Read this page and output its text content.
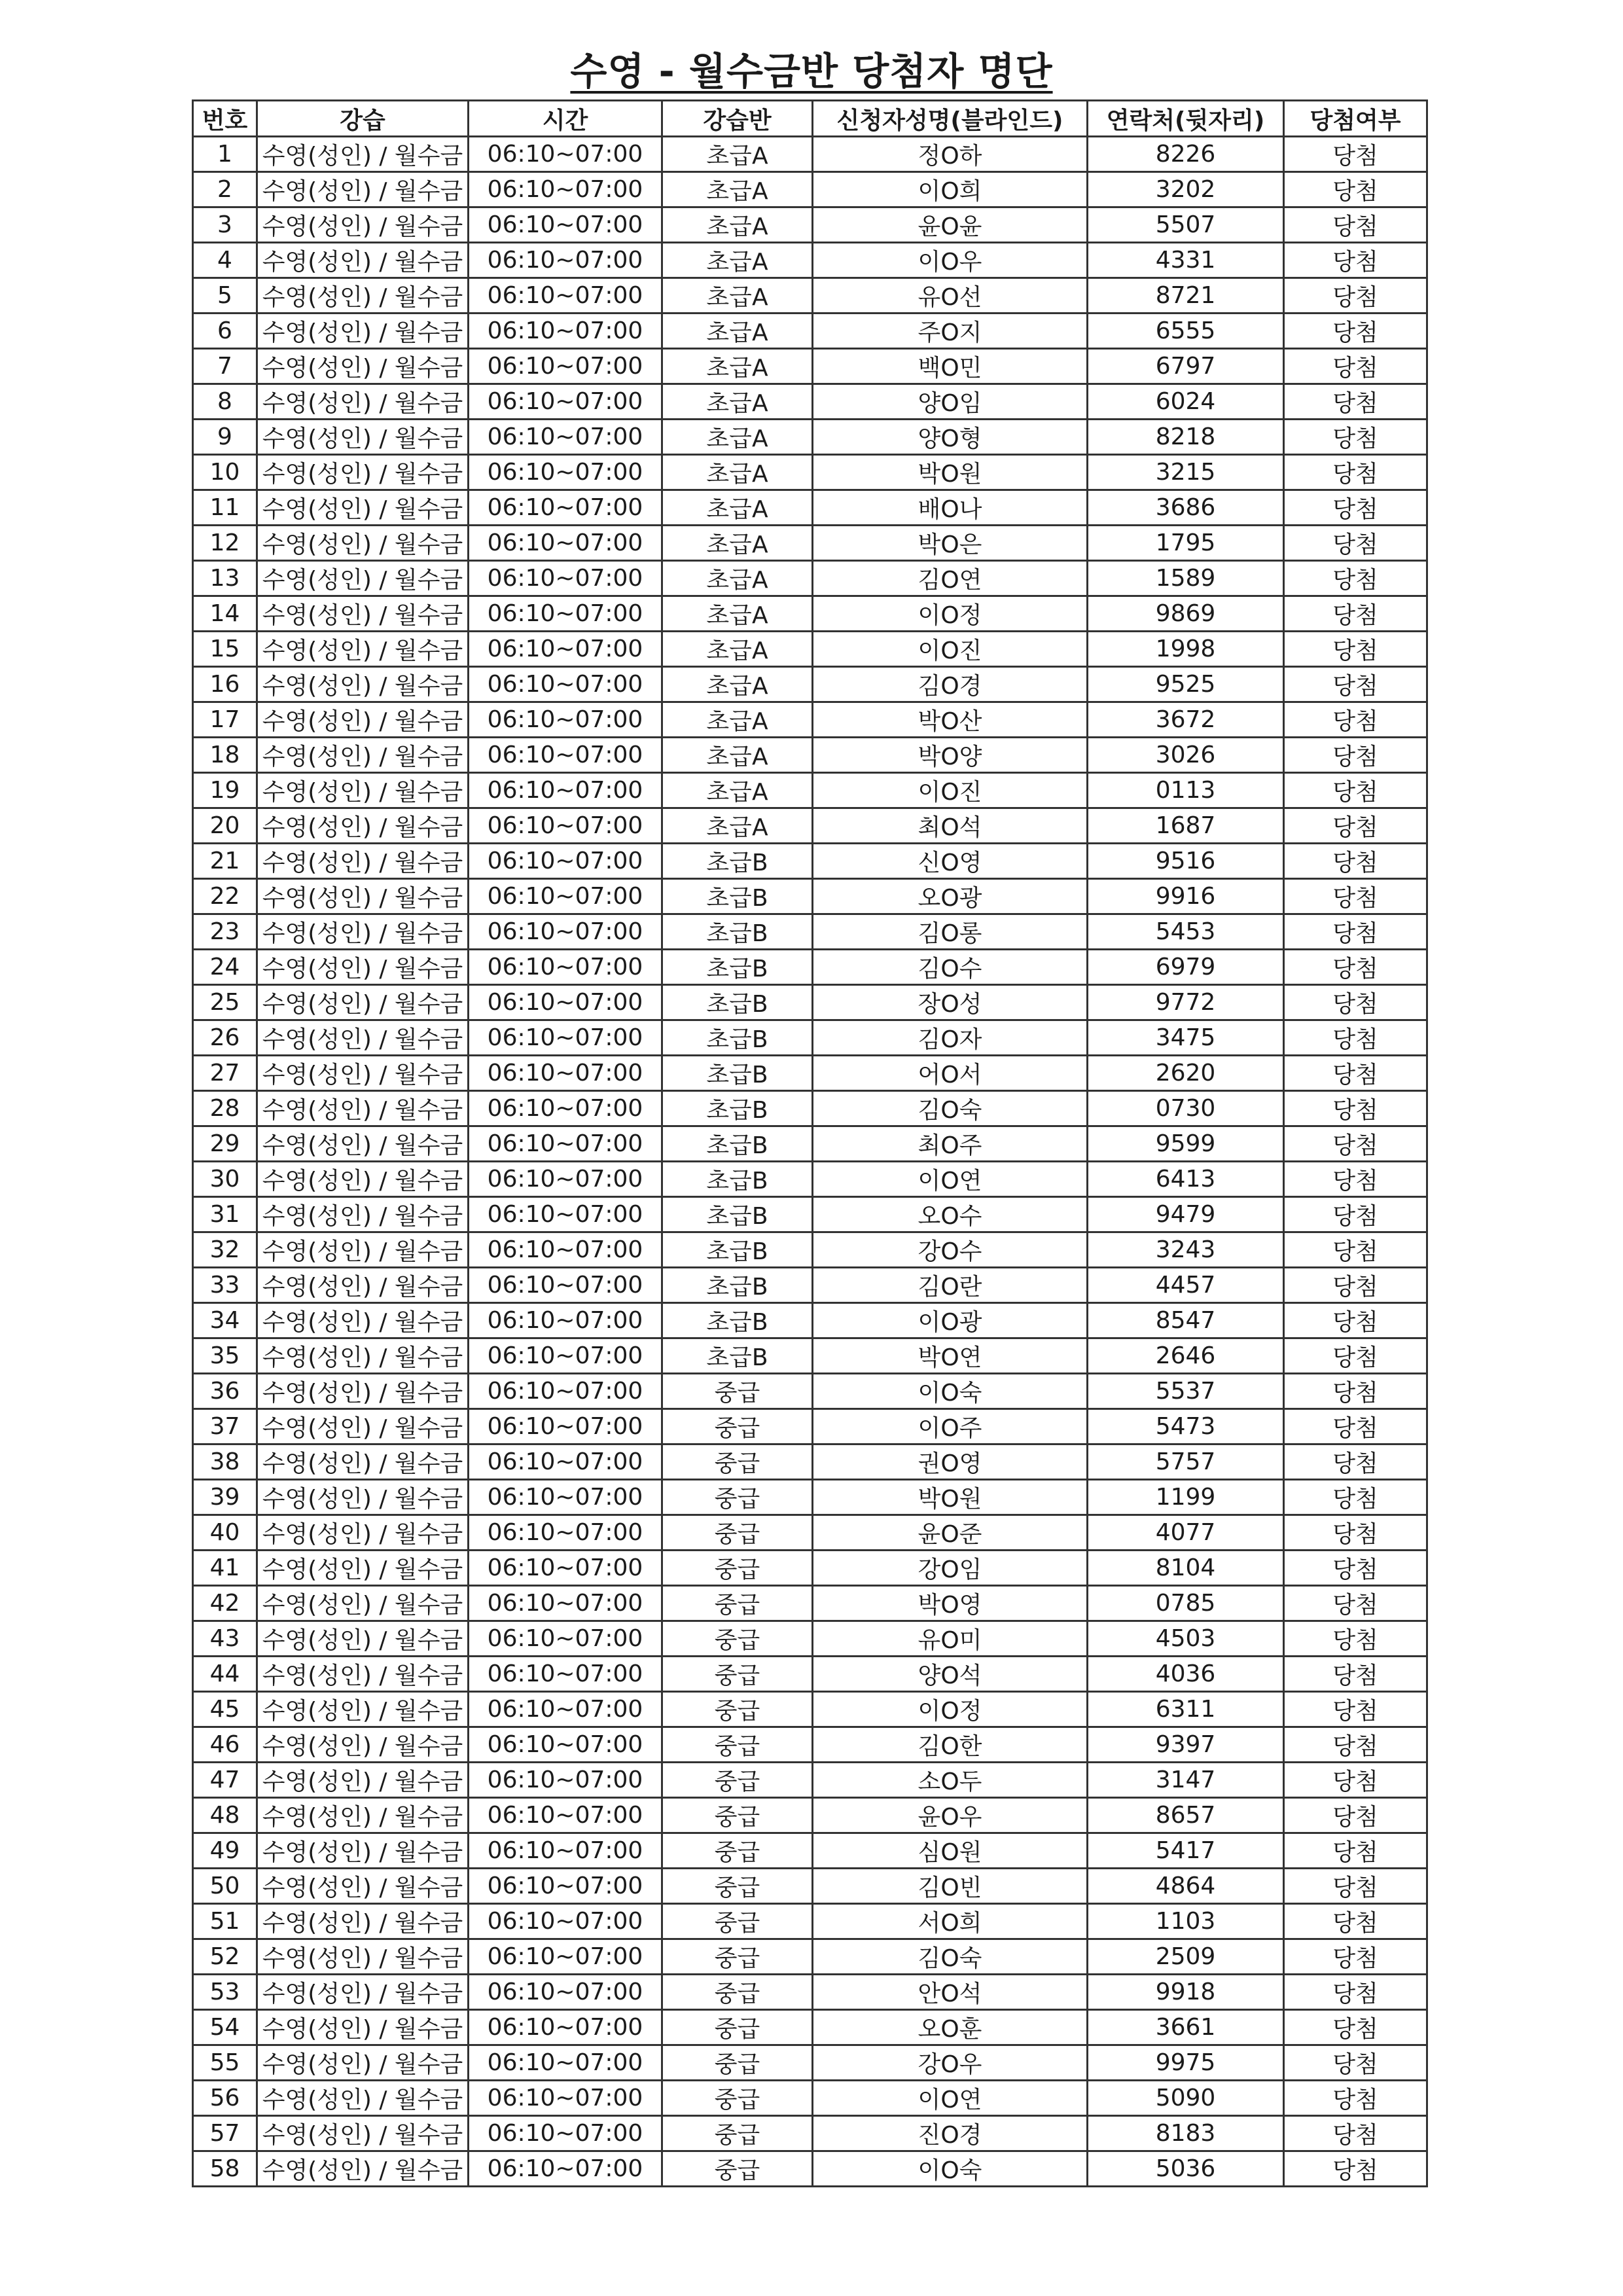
수영 - 월수금반 당첨자 명단
번호	강습	시간	강습반	신청자성명(블라인드)	연락처(뒷자리)	당첨여부
1	수영(성인) / 월수금	06:10~07:00	초급A	정O하	8226	당첨
2	수영(성인) / 월수금	06:10~07:00	초급A	이O희	3202	당첨
3	수영(성인) / 월수금	06:10~07:00	초급A	윤O윤	5507	당첨
4	수영(성인) / 월수금	06:10~07:00	초급A	이O우	4331	당첨
5	수영(성인) / 월수금	06:10~07:00	초급A	유O선	8721	당첨
6	수영(성인) / 월수금	06:10~07:00	초급A	주O지	6555	당첨
7	수영(성인) / 월수금	06:10~07:00	초급A	백O민	6797	당첨
8	수영(성인) / 월수금	06:10~07:00	초급A	양O임	6024	당첨
9	수영(성인) / 월수금	06:10~07:00	초급A	양O형	8218	당첨
10	수영(성인) / 월수금	06:10~07:00	초급A	박O원	3215	당첨
11	수영(성인) / 월수금	06:10~07:00	초급A	배O나	3686	당첨
12	수영(성인) / 월수금	06:10~07:00	초급A	박O은	1795	당첨
13	수영(성인) / 월수금	06:10~07:00	초급A	김O연	1589	당첨
14	수영(성인) / 월수금	06:10~07:00	초급A	이O정	9869	당첨
15	수영(성인) / 월수금	06:10~07:00	초급A	이O진	1998	당첨
16	수영(성인) / 월수금	06:10~07:00	초급A	김O경	9525	당첨
17	수영(성인) / 월수금	06:10~07:00	초급A	박O산	3672	당첨
18	수영(성인) / 월수금	06:10~07:00	초급A	박O양	3026	당첨
19	수영(성인) / 월수금	06:10~07:00	초급A	이O진	0113	당첨
20	수영(성인) / 월수금	06:10~07:00	초급A	최O석	1687	당첨
21	수영(성인) / 월수금	06:10~07:00	초급B	신O영	9516	당첨
22	수영(성인) / 월수금	06:10~07:00	초급B	오O광	9916	당첨
23	수영(성인) / 월수금	06:10~07:00	초급B	김O롱	5453	당첨
24	수영(성인) / 월수금	06:10~07:00	초급B	김O수	6979	당첨
25	수영(성인) / 월수금	06:10~07:00	초급B	장O성	9772	당첨
26	수영(성인) / 월수금	06:10~07:00	초급B	김O자	3475	당첨
27	수영(성인) / 월수금	06:10~07:00	초급B	어O서	2620	당첨
28	수영(성인) / 월수금	06:10~07:00	초급B	김O숙	0730	당첨
29	수영(성인) / 월수금	06:10~07:00	초급B	최O주	9599	당첨
30	수영(성인) / 월수금	06:10~07:00	초급B	이O연	6413	당첨
31	수영(성인) / 월수금	06:10~07:00	초급B	오O수	9479	당첨
32	수영(성인) / 월수금	06:10~07:00	초급B	강O수	3243	당첨
33	수영(성인) / 월수금	06:10~07:00	초급B	김O란	4457	당첨
34	수영(성인) / 월수금	06:10~07:00	초급B	이O광	8547	당첨
35	수영(성인) / 월수금	06:10~07:00	초급B	박O연	2646	당첨
36	수영(성인) / 월수금	06:10~07:00	중급	이O숙	5537	당첨
37	수영(성인) / 월수금	06:10~07:00	중급	이O주	5473	당첨
38	수영(성인) / 월수금	06:10~07:00	중급	권O영	5757	당첨
39	수영(성인) / 월수금	06:10~07:00	중급	박O원	1199	당첨
40	수영(성인) / 월수금	06:10~07:00	중급	윤O준	4077	당첨
41	수영(성인) / 월수금	06:10~07:00	중급	강O임	8104	당첨
42	수영(성인) / 월수금	06:10~07:00	중급	박O영	0785	당첨
43	수영(성인) / 월수금	06:10~07:00	중급	유O미	4503	당첨
44	수영(성인) / 월수금	06:10~07:00	중급	양O석	4036	당첨
45	수영(성인) / 월수금	06:10~07:00	중급	이O정	6311	당첨
46	수영(성인) / 월수금	06:10~07:00	중급	김O한	9397	당첨
47	수영(성인) / 월수금	06:10~07:00	중급	소O두	3147	당첨
48	수영(성인) / 월수금	06:10~07:00	중급	윤O우	8657	당첨
49	수영(성인) / 월수금	06:10~07:00	중급	심O원	5417	당첨
50	수영(성인) / 월수금	06:10~07:00	중급	김O빈	4864	당첨
51	수영(성인) / 월수금	06:10~07:00	중급	서O희	1103	당첨
52	수영(성인) / 월수금	06:10~07:00	중급	김O숙	2509	당첨
53	수영(성인) / 월수금	06:10~07:00	중급	안O석	9918	당첨
54	수영(성인) / 월수금	06:10~07:00	중급	오O훈	3661	당첨
55	수영(성인) / 월수금	06:10~07:00	중급	강O우	9975	당첨
56	수영(성인) / 월수금	06:10~07:00	중급	이O연	5090	당첨
57	수영(성인) / 월수금	06:10~07:00	중급	진O경	8183	당첨
58	수영(성인) / 월수금	06:10~07:00	중급	이O숙	5036	당첨
